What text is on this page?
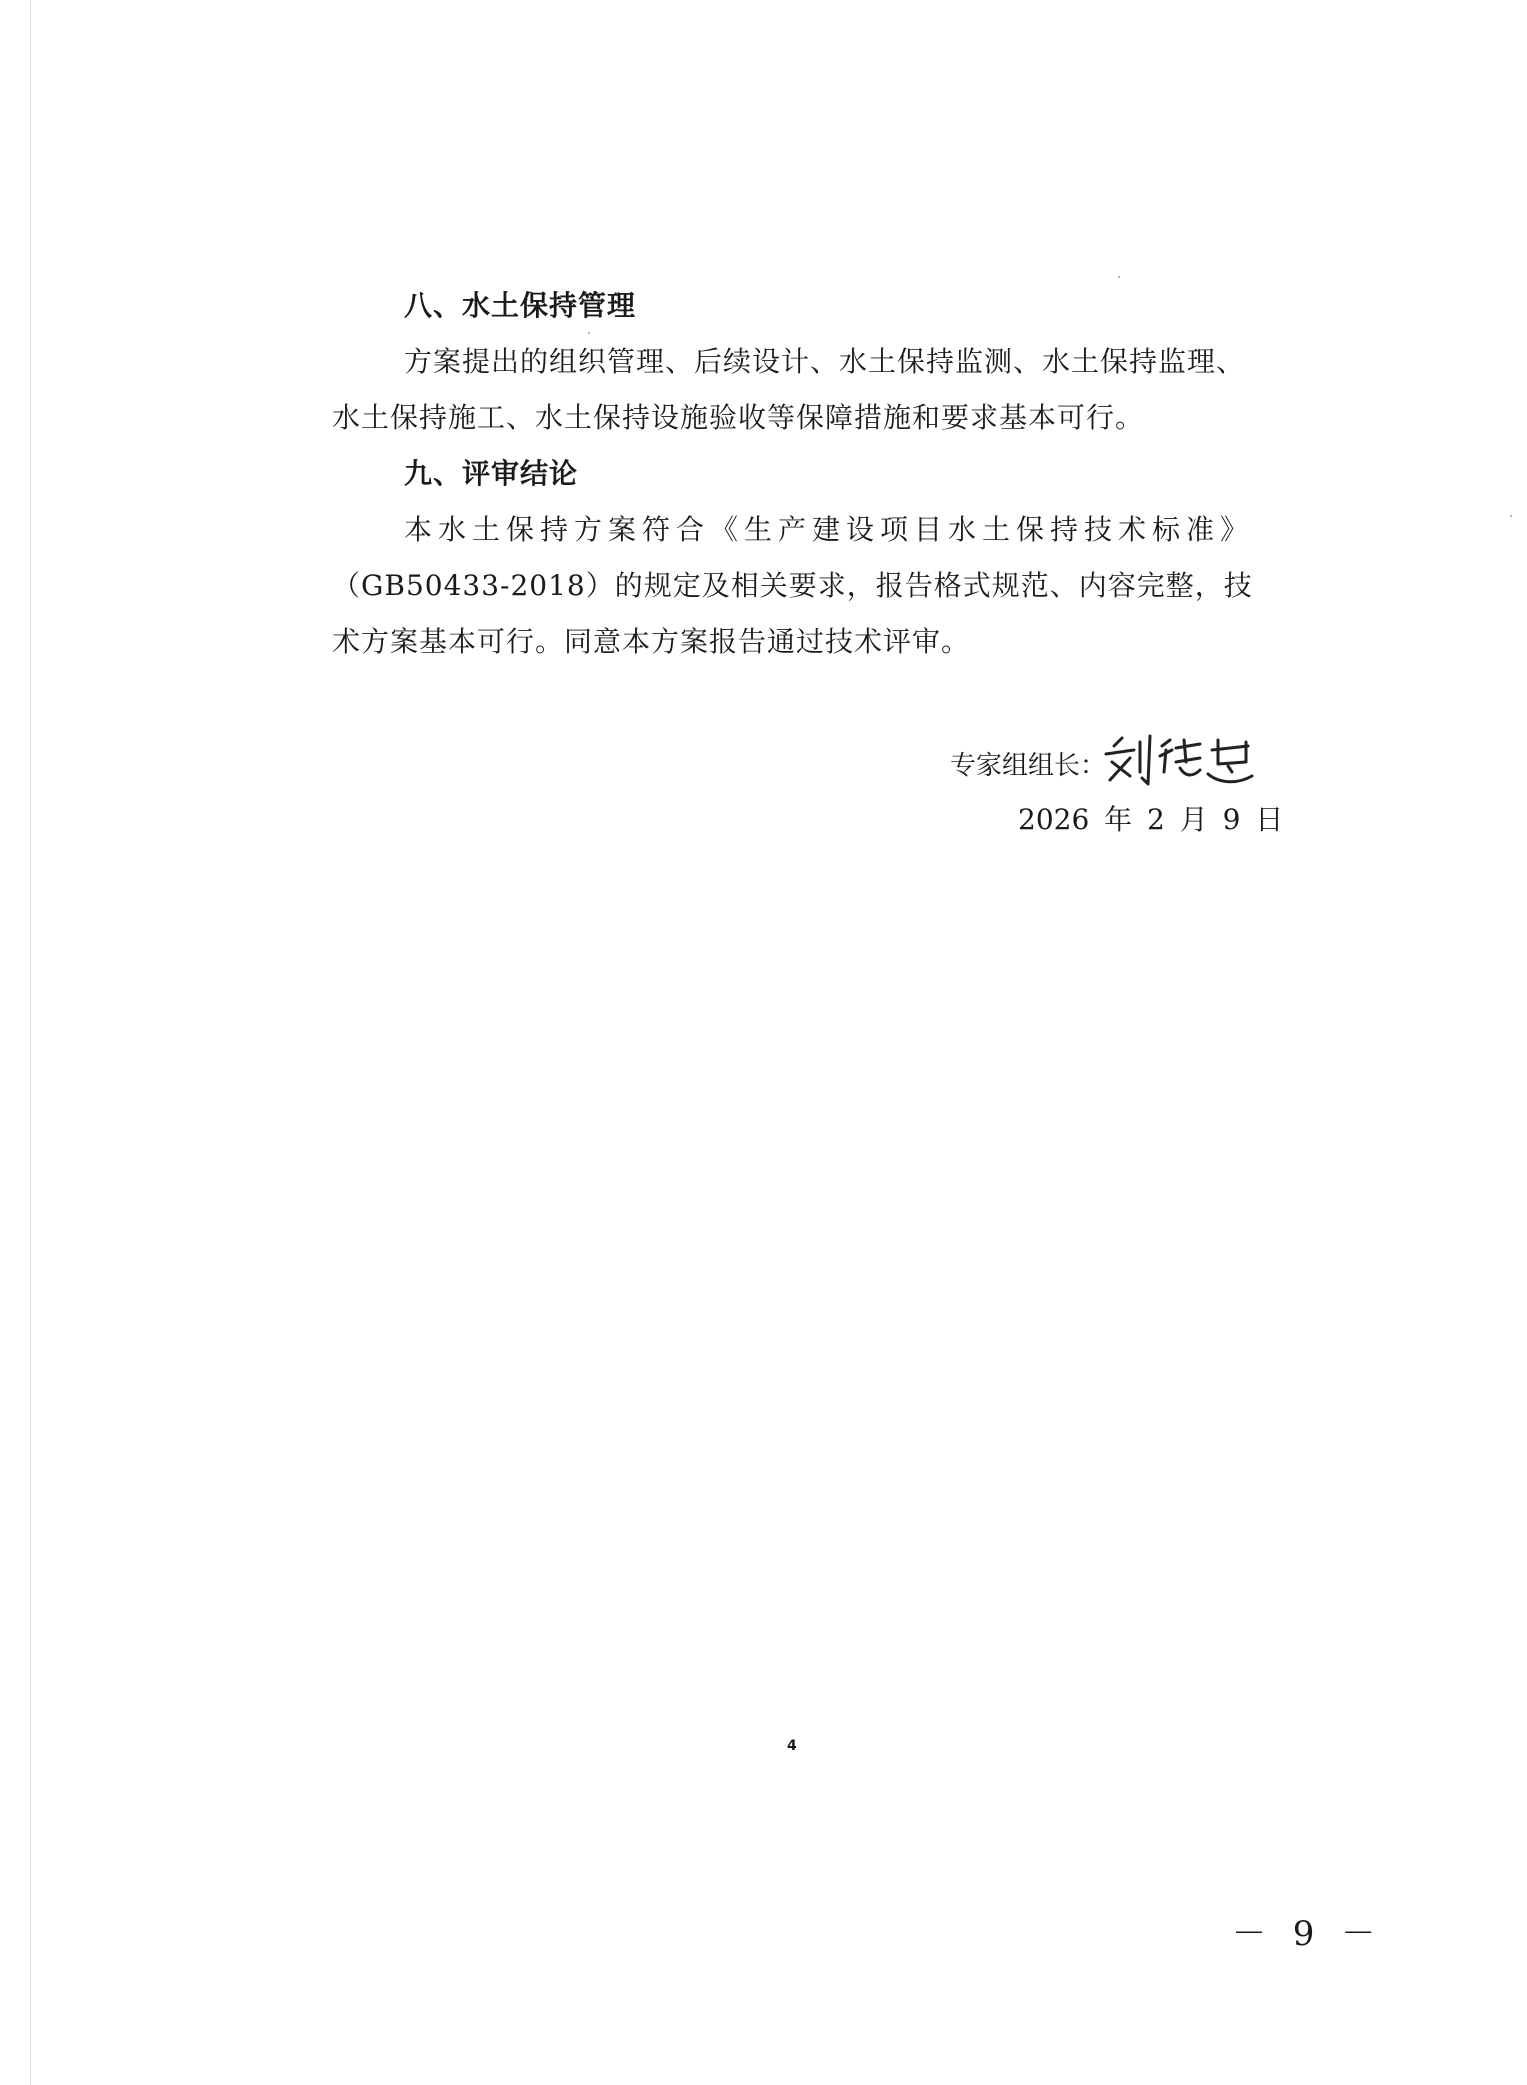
八、水土保持管理

方案提出的组织管理、后续设计、水土保持监测、水土保持监理、
水土保持施工、水土保持设施验收等保障措施和要求基本可行。

九、评审结论

本水土保持方案符合《生产建设项目水土保持技术标准》
（GB50433-2018）的规定及相关要求，报告格式规范、内容完整，技
术方案基本可行。同意本方案报告通过技术评审。

专家组组长：
2026 年 2 月 9 日
4
－ 9 －
